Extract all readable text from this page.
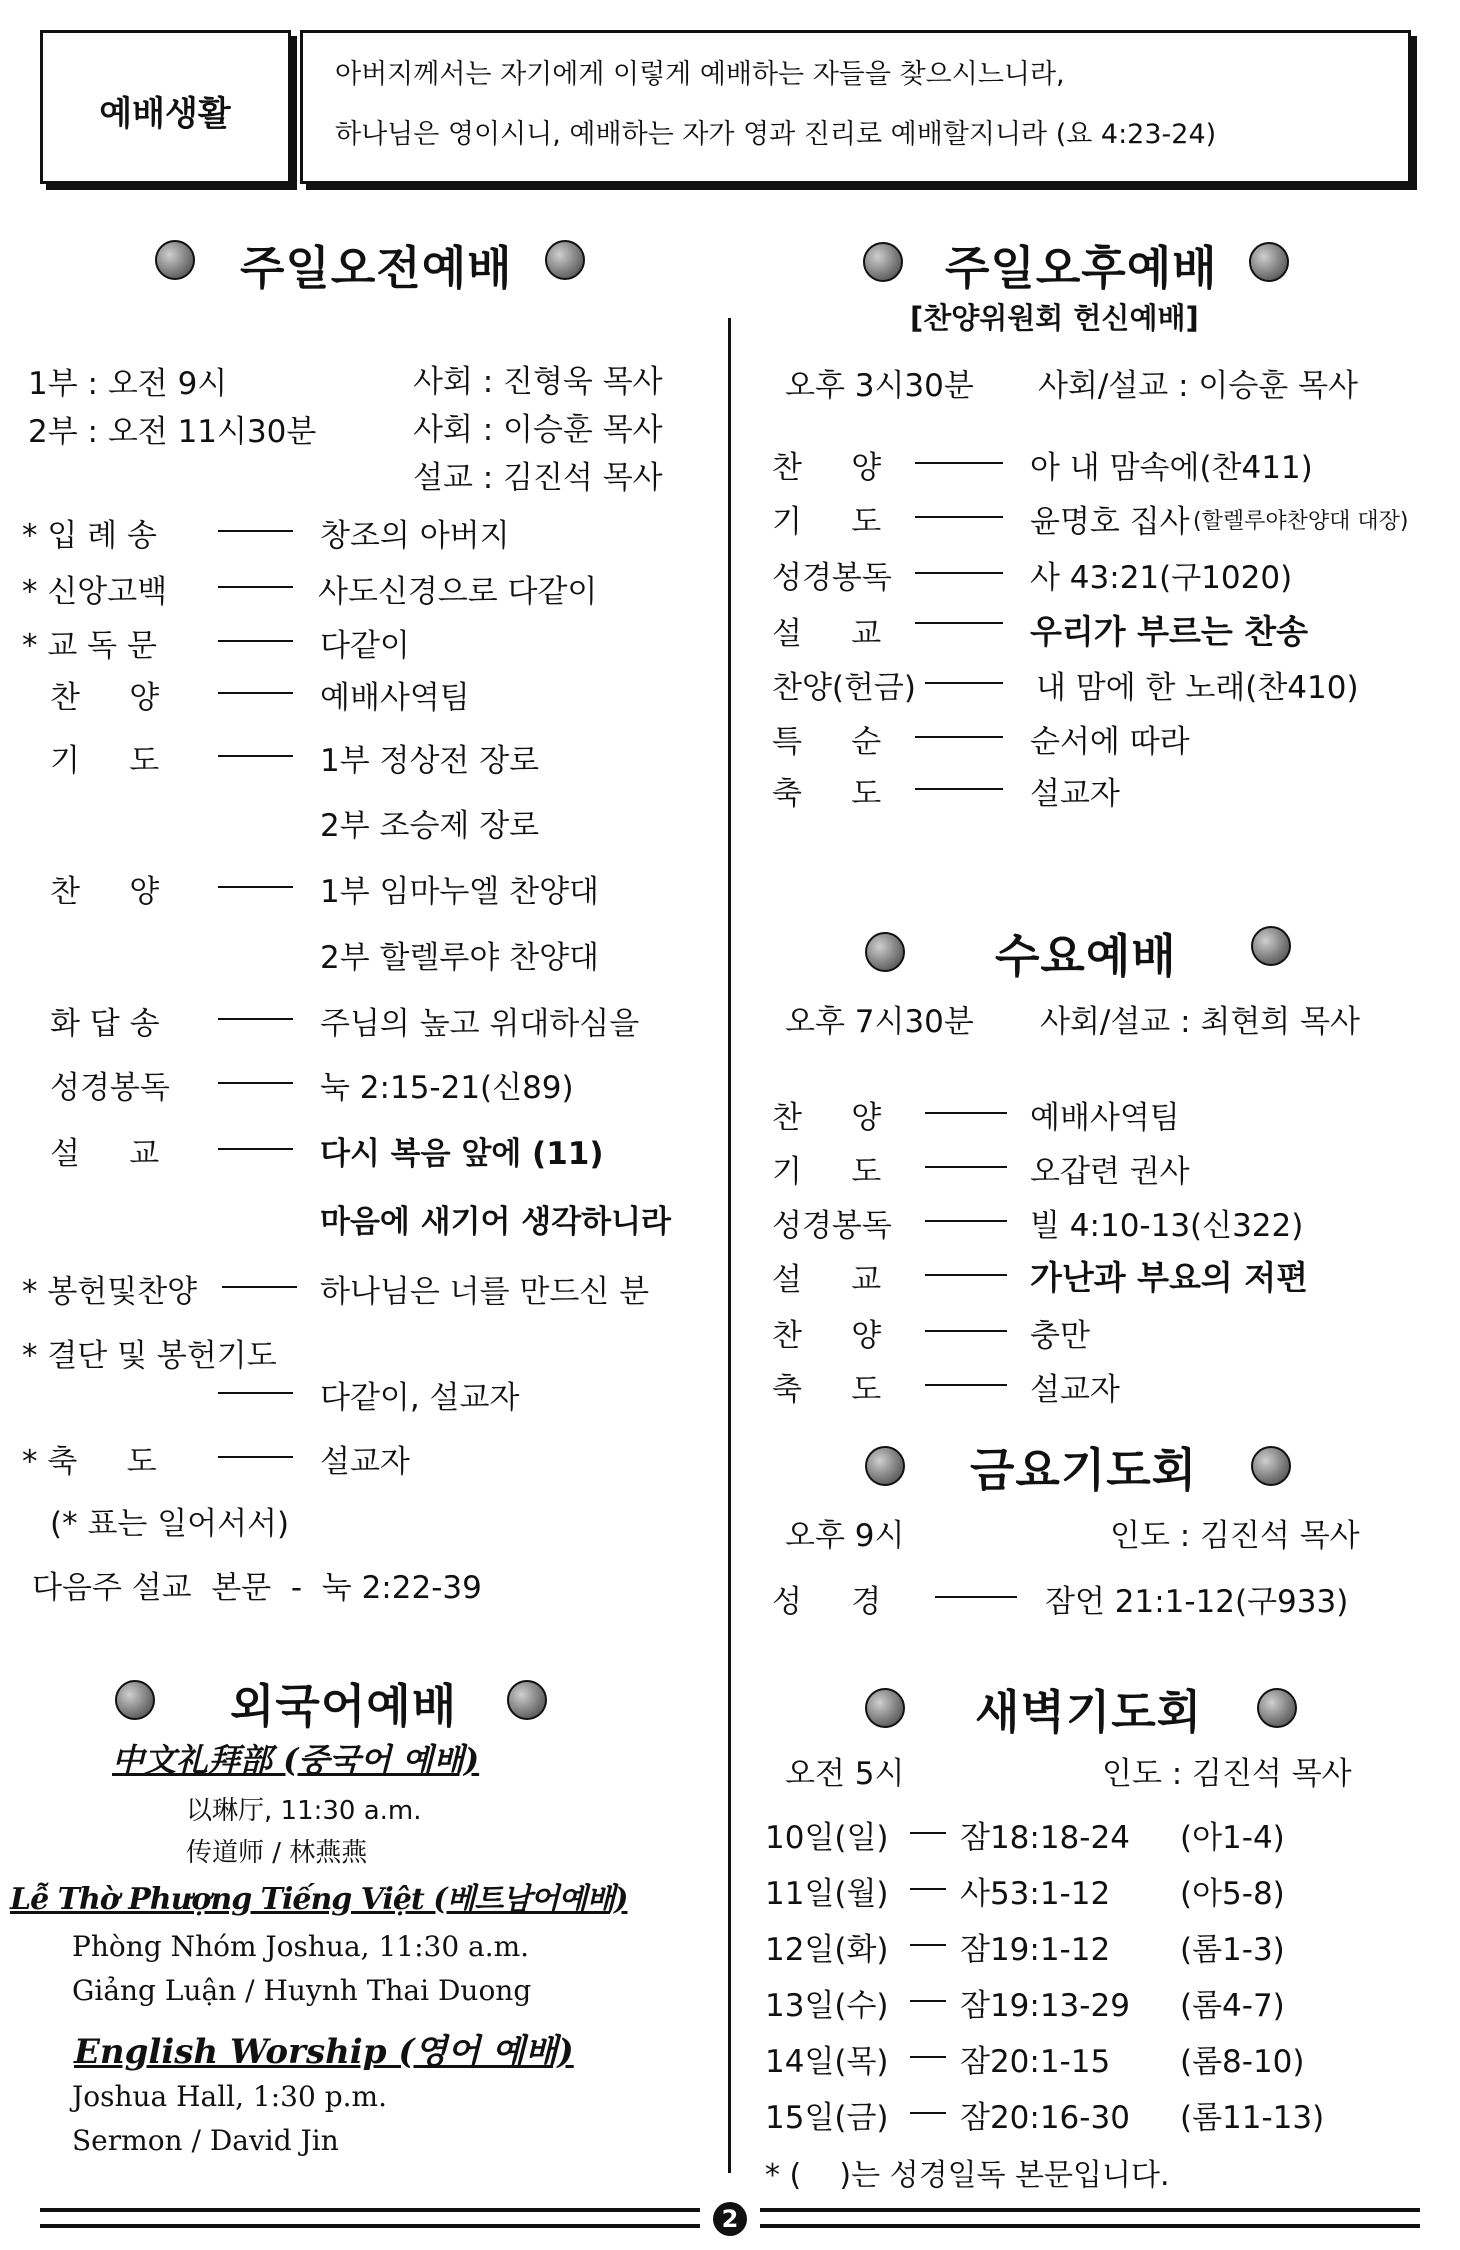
예배생활
아버지께서는 자기에게 이렇게 예배하는 자들을 찾으시느니라,
하나님은 영이시니, 예배하는 자가 영과 진리로 예배할지니라 (요 4:23-24)
주일오전예배
1부 : 오전 9시
2부 : 오전 11시30분
사회 : 진형욱 목사
사회 : 이승훈 목사
설교 : 김진석 목사
* 입 례 송	창조의 아버지
* 신앙고백	사도신경으로 다같이
* 교 독 문	다같이
찬     양	예배사역팀
기     도	1부 정상전 장로
2부 조승제 장로
찬     양	1부 임마누엘 찬양대
2부 할렐루야 찬양대
화 답 송	주님의 높고 위대하심을
성경봉독	눅 2:15-21(신89)
설     교	다시 복음 앞에 (11)
마음에 새기어 생각하니라
* 봉헌및찬양	하나님은 너를 만드신 분
* 결단 및 봉헌기도
다같이, 설교자
* 축     도	설교자
(* 표는 일어서서)
다음주 설교  본문  -  눅 2:22-39
외국어예배
中文礼拜部 (중국어 예배)
以琳厅, 11:30 a.m.
传道师 / 林燕燕
Lễ Thờ Phượng Tiếng Việt (베트남어예배)
Phòng Nhóm Joshua, 11:30 a.m.
Giảng Luận / Huynh Thai Duong
English Worship (영어 예배)
Joshua Hall, 1:30 p.m.
Sermon / David Jin
주일오후예배
[찬양위원회 헌신예배]
오후 3시30분 사회/설교 : 이승훈 목사
찬     양	아 내 맘속에(찬411)
기     도	윤명호 집사 (할렐루야찬양대 대장)
성경봉독	사 43:21(구1020)
설     교	우리가 부르는 찬송
찬양(헌금)	내 맘에 한 노래(찬410)
특     순	순서에 따라
축     도	설교자
수요예배
오후 7시30분 사회/설교 : 최현희 목사
찬     양	예배사역팀
기     도	오갑련 권사
성경봉독	빌 4:10-13(신322)
설     교	가난과 부요의 저편
찬     양	충만
축     도	설교자
금요기도회
오후 9시	인도 : 김진석 목사
성     경	잠언 21:1-12(구933)
새벽기도회
오전 5시	인도 : 김진석 목사
10일(일) 잠18:18-24 (아1-4)
11일(월) 사53:1-12 (아5-8)
12일(화) 잠19:1-12 (롬1-3)
13일(수) 잠19:13-29 (롬4-7)
14일(목) 잠20:1-15 (롬8-10)
15일(금) 잠20:16-30 (롬11-13)
* (    )는 성경일독 본문입니다.
2
